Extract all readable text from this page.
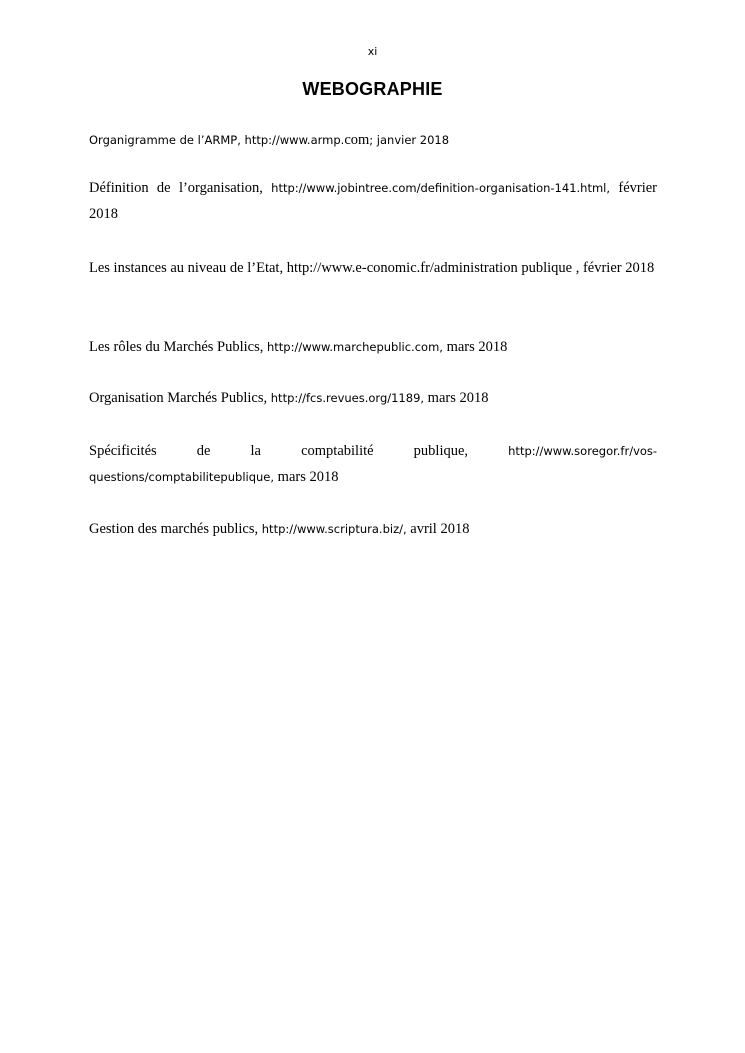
xi
WEBOGRAPHIE
Organigramme de l’ARMP, http://www.armp.com; janvier 2018
Définition de l’organisation, http://www.jobintree.com/definition-organisation-141.html, février 2018
Les instances au niveau de l’Etat, http://www.e-conomic.fr/administration publique , février 2018
Les rôles du Marchés Publics, http://www.marchepublic.com, mars 2018
Organisation Marchés Publics, http://fcs.revues.org/1189, mars 2018
Spécificités	de	la	comptabilité	publique,	http://www.soregor.fr/vos-
questions/comptabilitepublique, mars 2018
Gestion des marchés publics, http://www.scriptura.biz/, avril 2018
